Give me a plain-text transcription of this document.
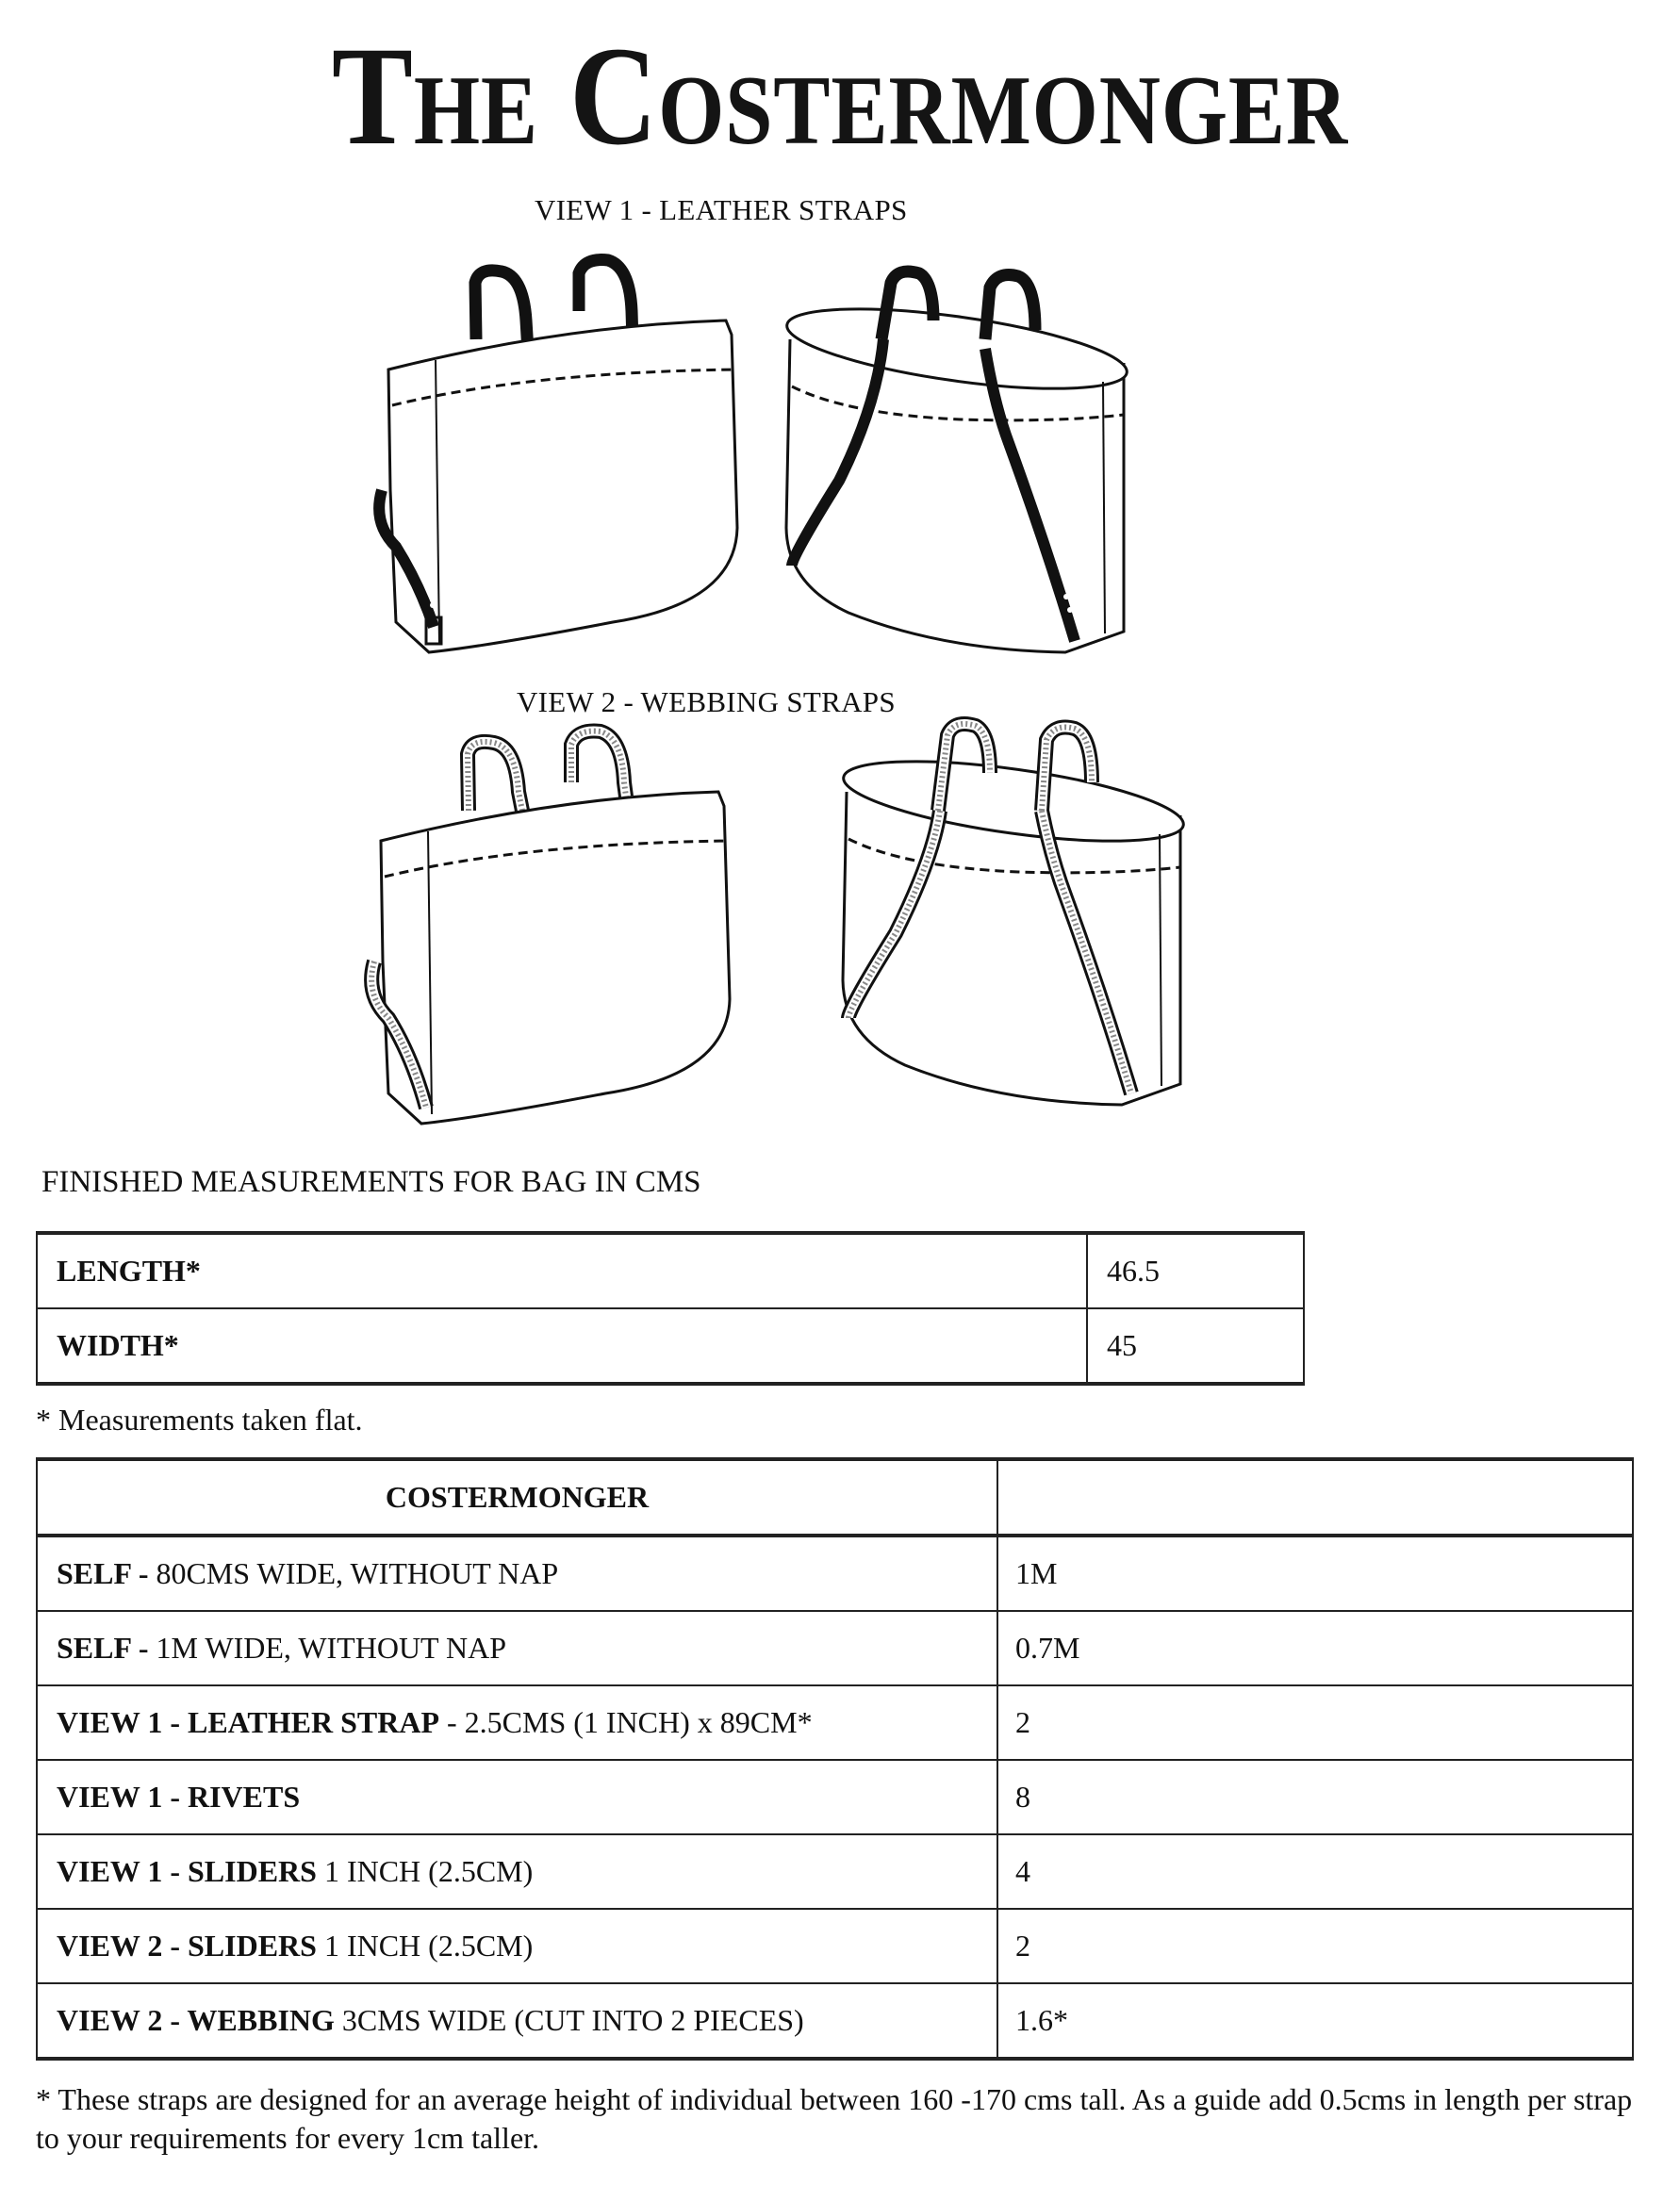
The Costermonger
VIEW 1 - LEATHER STRAPS
VIEW 2 - WEBBING STRAPS
FINISHED MEASUREMENTS FOR BAG IN CMS
LENGTH*	46.5
WIDTH*	45
* Measurements taken flat.
COSTERMONGER	
SELF - 80CMS WIDE, WITHOUT NAP	1M
SELF - 1M WIDE, WITHOUT NAP	0.7M
VIEW 1 - LEATHER STRAP - 2.5CMS (1 INCH) x 89CM*	2
VIEW 1 - RIVETS	8
VIEW 1 - SLIDERS 1 INCH (2.5CM)	4
VIEW 2 - SLIDERS 1 INCH (2.5CM)	2
VIEW 2 - WEBBING 3CMS WIDE (CUT INTO 2 PIECES)	1.6*
* These straps are designed for an average height of individual between 160 -170 cms tall. As a guide add 0.5cms in length per strap to your requirements for every 1cm taller.
